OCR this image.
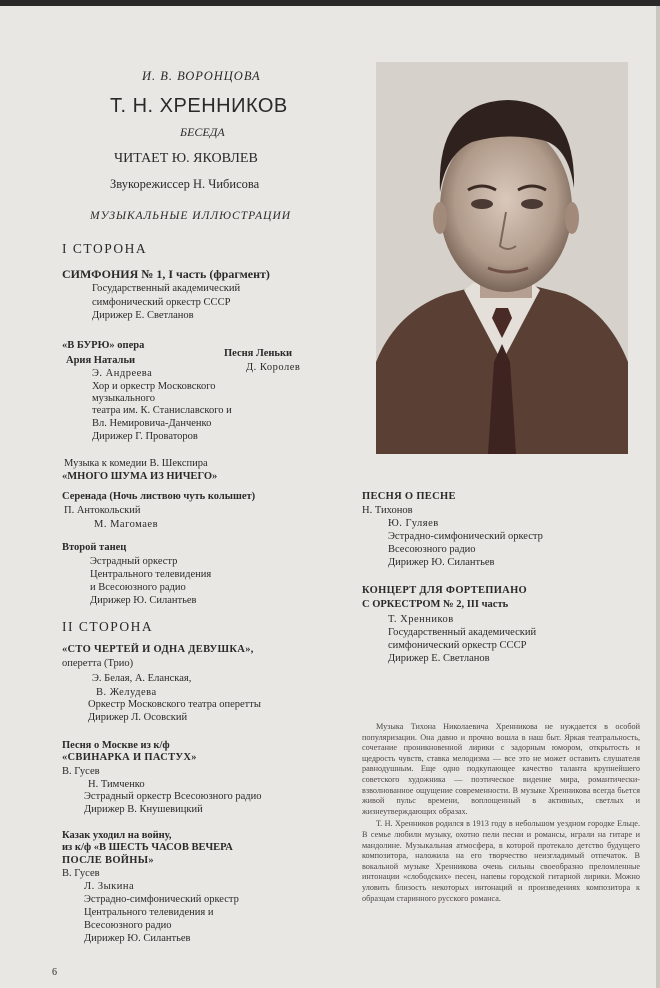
И. В. ВОРОНЦОВА
Т. Н. ХРЕННИКОВ
БЕСЕДА
ЧИТАЕТ Ю. ЯКОВЛЕВ
Звукорежиссер Н. Чибисова
МУЗЫКАЛЬНЫЕ ИЛЛЮСТРАЦИИ
I СТОРОНА
СИМФОНИЯ № 1, I часть (фрагмент)
Государственный академический
симфонический оркестр СССР
Дирижер Е. Светланов
«В БУРЮ» опера
Ария Натальи
Песня Леньки
Э. Андреева
Д. Королев
Хор и оркестр Московского
музыкального
театра им. К. Станиславского и
Вл. Немировича-Данченко
Дирижер Г. Проваторов
Музыка к комедии В. Шекспира
«МНОГО ШУМА ИЗ НИЧЕГО»
Серенада (Ночь листвою чуть колышет)
П. Антокольский
М. Магомаев
Второй танец
Эстрадный оркестр
Центрального телевидения
и Всесоюзного радио
Дирижер Ю. Силантьев
II СТОРОНА
«СТО ЧЕРТЕЙ И ОДНА ДЕВУШКА»,
оперетта (Трио)
Э. Белая, А. Еланская,
В. Желудева
Оркестр Московского театра оперетты
Дирижер Л. Осовский
Песня о Москве из к/ф
«СВИНАРКА И ПАСТУХ»
В. Гусев
Н. Тимченко
Эстрадный оркестр Всесоюзного радио
Дирижер В. Кнушевицкий
Казак уходил на войну,
из к/ф «В ШЕСТЬ ЧАСОВ ВЕЧЕРА
ПОСЛЕ ВОЙНЫ»
В. Гусев
Л. Зыкина
Эстрадно-симфонический оркестр
Центрального телевидения и
Всесоюзного радио
Дирижер Ю. Силантьев
ПЕСНЯ О ПЕСНЕ
Н. Тихонов
Ю. Гуляев
Эстрадно-симфонический оркестр
Всесоюзного радио
Дирижер Ю. Силантьев
КОНЦЕРТ ДЛЯ ФОРТЕПИАНО
С ОРКЕСТРОМ № 2, III часть
Т. Хренников
Государственный академический
симфонический оркестр СССР
Дирижер Е. Светланов

Музыка Тихона Николаевича Хренникова не нуждается в особой популяризации. Она давно и прочно вошла в наш быт. Яркая театральность, сочетание проникновенной лирики с задорным юмором, открытость и щедрость чувств, ставка мелодизма — все это не может оставить слушателя равнодушным. Еще одно подкупающее качество таланта крупнейшего советского художника — поэтическое видение мира, романтически-взволнованное ощущение современности. В музыке Хренникова всегда бьется живой пульс времени, воплощенный в активных, светлых и жизнеутверждающих образах.

Т. Н. Хренников родился в 1913 году в небольшом уездном городке Ельце. В семье любили музыку, охотно пели песни и романсы, играли на гитаре и мандолине. Музыкальная атмосфера, в которой протекало детство будущего композитора, наложила на его творчество неизгладимый отпечаток. В вокальной музыке Хренникова очень сильны своеобразно преломленные интонации «слободских» песен, напевы городской гитарной лирики. Можно уловить близость некоторых интонаций и произведениях композитора к образцам старинного русского романса.

6
